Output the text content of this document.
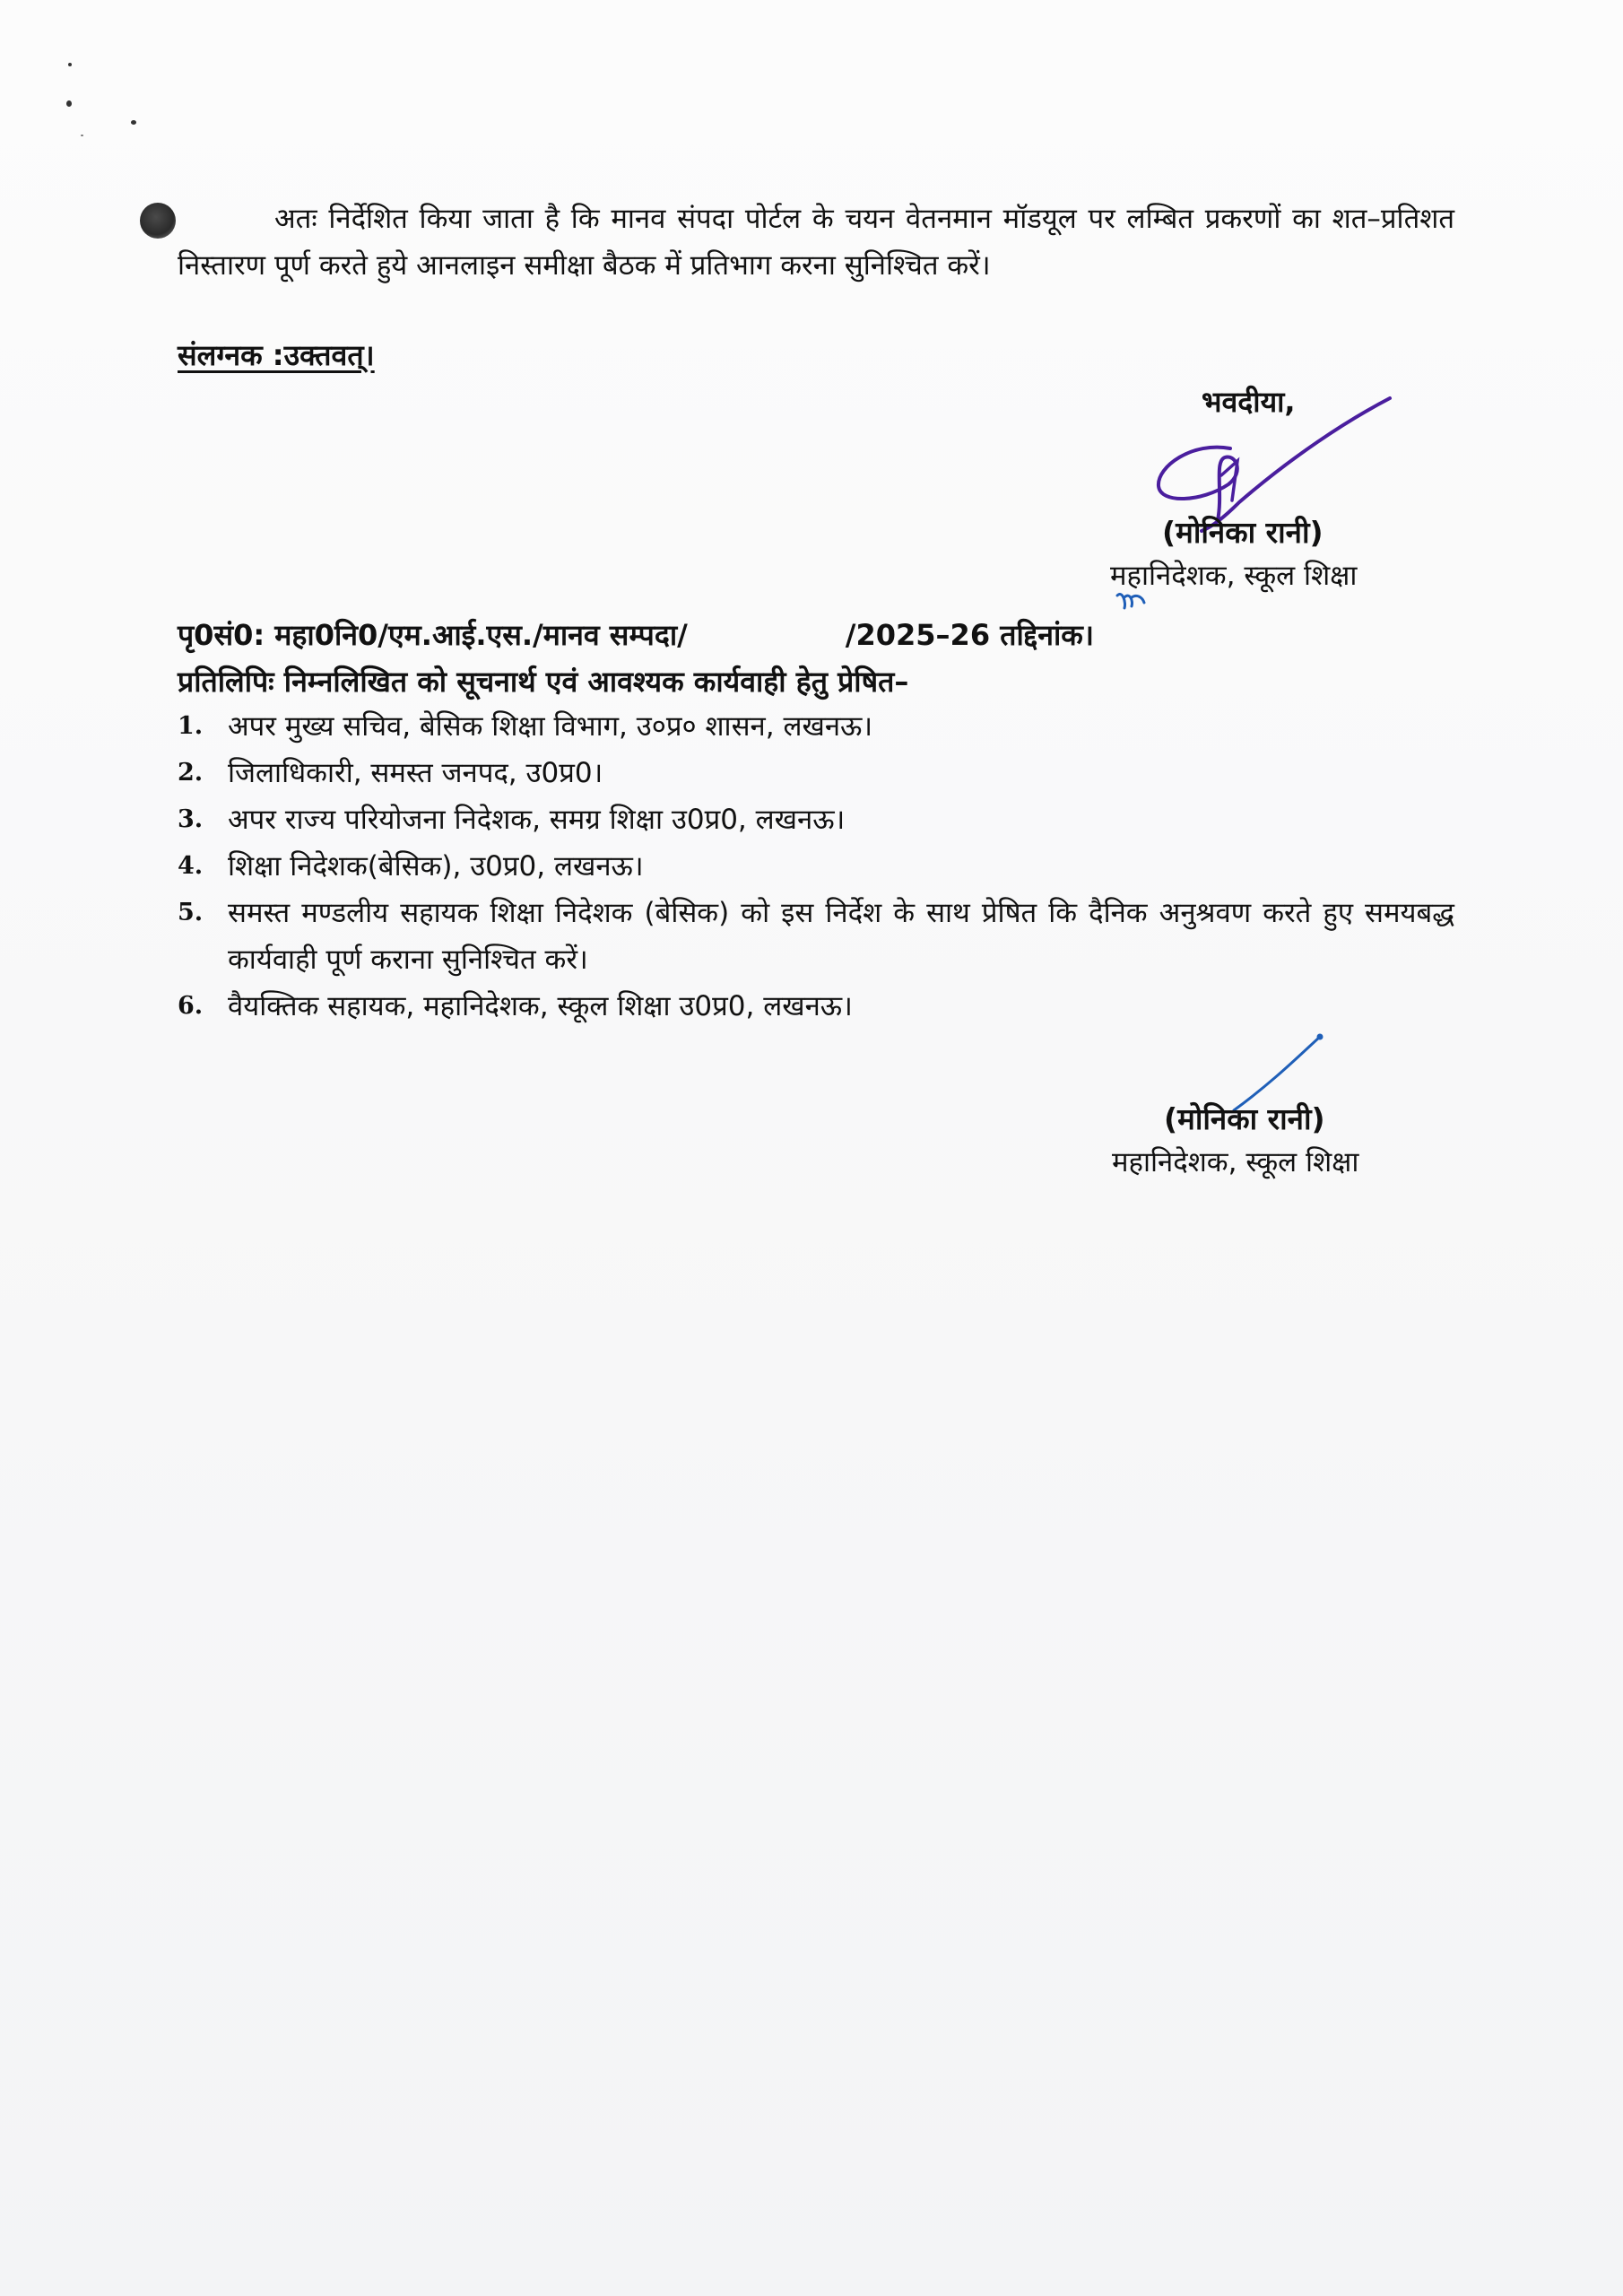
अतः निर्देशित किया जाता है कि मानव संपदा पोर्टल के चयन वेतनमान मॉडयूल पर लम्बित प्रकरणों का शत–प्रतिशत निस्तारण पूर्ण करते हुये आनलाइन समीक्षा बैठक में प्रतिभाग करना सुनिश्चित करें।
संलग्नक :उक्तवत्।
भवदीया,
(मोनिका रानी)
महानिदेशक, स्कूल शिक्षा
पृ0सं0: महा0नि0/एम.आई.एस./मानव सम्पदा/	/2025–26 तद्दिनांक।
प्रतिलिपिः निम्नलिखित को सूचनार्थ एवं आवश्यक कार्यवाही हेतु प्रेषित–
1. अपर मुख्य सचिव, बेसिक शिक्षा विभाग, उ०प्र० शासन, लखनऊ।
2. जिलाधिकारी, समस्त जनपद, उ0प्र0।
3. अपर राज्य परियोजना निदेशक, समग्र शिक्षा उ0प्र0, लखनऊ।
4. शिक्षा निदेशक(बेसिक), उ0प्र0, लखनऊ।
5. समस्त मण्डलीय सहायक शिक्षा निदेशक (बेसिक) को इस निर्देश के साथ प्रेषित कि दैनिक अनुश्रवण करते हुए समयबद्ध कार्यवाही पूर्ण कराना सुनिश्चित करें।
6. वैयक्तिक सहायक, महानिदेशक, स्कूल शिक्षा उ0प्र0, लखनऊ।
(मोनिका रानी)
महानिदेशक, स्कूल शिक्षा
